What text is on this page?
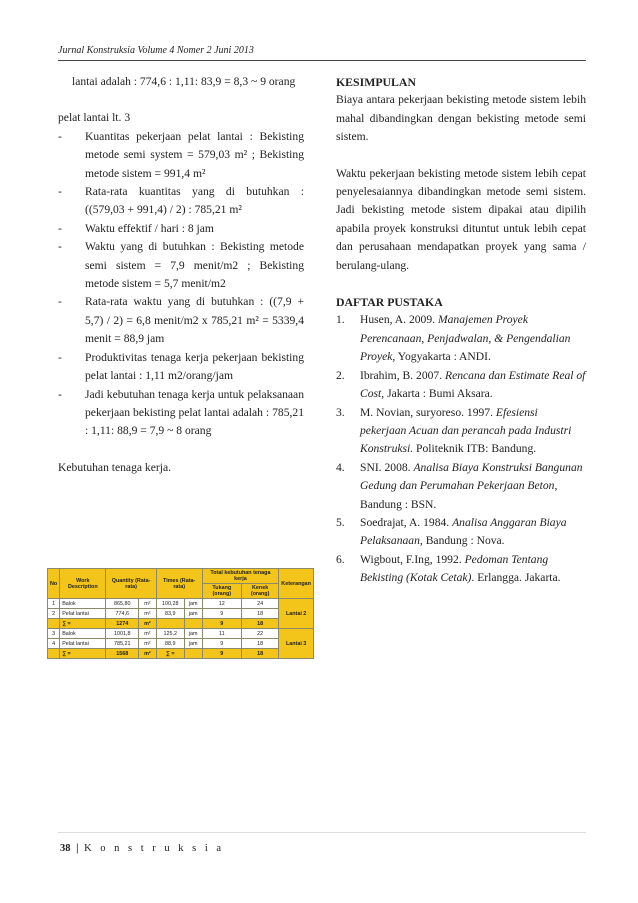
Jurnal Konstruksia Volume 4 Nomer 2 Juni 2013
lantai adalah : 774,6 : 1,11: 83,9 = 8,3 ~ 9 orang
pelat lantai lt. 3
-	Kuantitas pekerjaan pelat lantai : Bekisting metode semi system = 579,03 m² ; Bekisting metode sistem = 991,4 m²
-	Rata-rata kuantitas yang di butuhkan : ((579,03 + 991,4) / 2) : 785,21 m²
-	Waktu effektif / hari : 8 jam
-	Waktu yang di butuhkan : Bekisting metode semi sistem = 7,9 menit/m2 ; Bekisting metode sistem = 5,7 menit/m2
-	Rata-rata waktu yang di butuhkan : ((7,9 + 5,7) / 2) = 6,8 menit/m2 x 785,21 m² = 5339,4 menit = 88,9 jam
-	Produktivitas tenaga kerja pekerjaan bekisting pelat lantai : 1,11 m2/orang/jam
-	Jadi kebutuhan tenaga kerja untuk pelaksanaan pekerjaan bekisting pelat lantai adalah : 785,21 : 1,11: 88,9 = 7,9 ~ 8 orang
Kebutuhan tenaga kerja.
No	Work Description	Quantity (Rata-rata)		Times (Rata-rata)		Total kebutuhan tenaga kerja		Keterangan
						Tukang (orang)	Kenek (orang)	
1	Balok	865,80	m²	100,28	jam	12	24	Lantai 2
2	Pelat lantai	774,6	m²	83,9	jam	9	18	
	∑ =	1274	m²			9	18	
3	Balok	1001,8	m²	125,2	jam	11	22	Lantai 3
4	Pelat lantai	785,21	m²	88,9	jam	9	18	
	∑ =	1568	m²	∑ =		9	18	
KESIMPULAN
Biaya antara pekerjaan bekisting metode sistem lebih mahal dibandingkan dengan bekisting metode semi sistem.
Waktu pekerjaan bekisting metode sistem lebih cepat penyelesaiannya dibandingkan metode semi sistem. Jadi bekisting metode sistem dipakai atau dipilih apabila proyek konstruksi dituntut untuk lebih cepat dan perusahaan mendapatkan proyek yang sama / berulang-ulang.
DAFTAR PUSTAKA
1.	Husen, A. 2009. Manajemen Proyek Perencanaan, Penjadwalan, & Pengendalian Proyek, Yogyakarta : ANDI.
2.	Ibrahim, B. 2007. Rencana dan Estimate Real of Cost, Jakarta : Bumi Aksara.
3.	M. Novian, suryoreso. 1997. Efesiensi pekerjaan Acuan dan perancah pada Industri Konstruksi. Politeknik ITB: Bandung.
4.	SNI. 2008. Analisa Biaya Konstruksi Bangunan Gedung dan Perumahan Pekerjaan Beton, Bandung : BSN.
5.	Soedrajat, A. 1984. Analisa Anggaran Biaya Pelaksanaan, Bandung : Nova.
6.	Wigbout, F.Ing, 1992. Pedoman Tentang Bekisting (Kotak Cetak). Erlangga. Jakarta.
38 | K o n s t r u k s i a
